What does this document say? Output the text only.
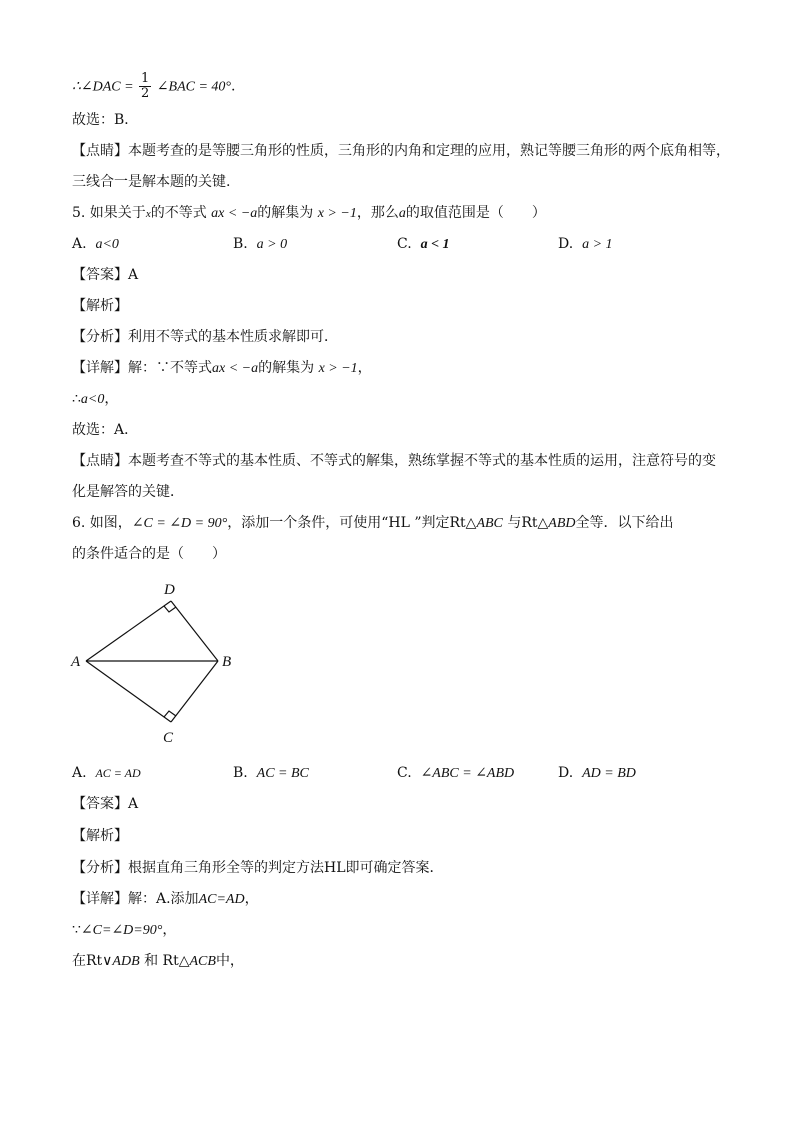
∴∠DAC = $\frac{1}{2}$ ∠BAC = 40°.
故选：B．
【点睛】本题考查的是等腰三角形的性质，三角形的内角和定理的应用，熟记等腰三角形的两个底角相等，
三线合一是解本题的关键.
5. 如果关于x的不等式 ax < −a的解集为 x > −1，那么a的取值范围是（　　）
A. a<0	B. a > 0	C. a < 1	D. a > 1
【答案】A
【解析】
【分析】利用不等式的基本性质求解即可．
【详解】解：∵不等式ax < −a的解集为 x > −1，
∴a<0，
故选：A．
【点睛】本题考查不等式的基本性质、不等式的解集，熟练掌握不等式的基本性质的运用，注意符号的变
化是解答的关键．
6. 如图，∠C = ∠D = 90°，添加一个条件，可使用“HL ”判定Rt△ABC 与Rt△ABD全等．以下给出
的条件适合的是（　　）
D
A	B
C
A. AC = AD	B. AC = BC	C. ∠ABC = ∠ABD	D. AD = BD
【答案】A
【解析】
【分析】根据直角三角形全等的判定方法HL即可确定答案．
【详解】解：A.添加AC=AD，
∵∠C=∠D=90°，
在Rt∨ADB 和 Rt△ACB中，
